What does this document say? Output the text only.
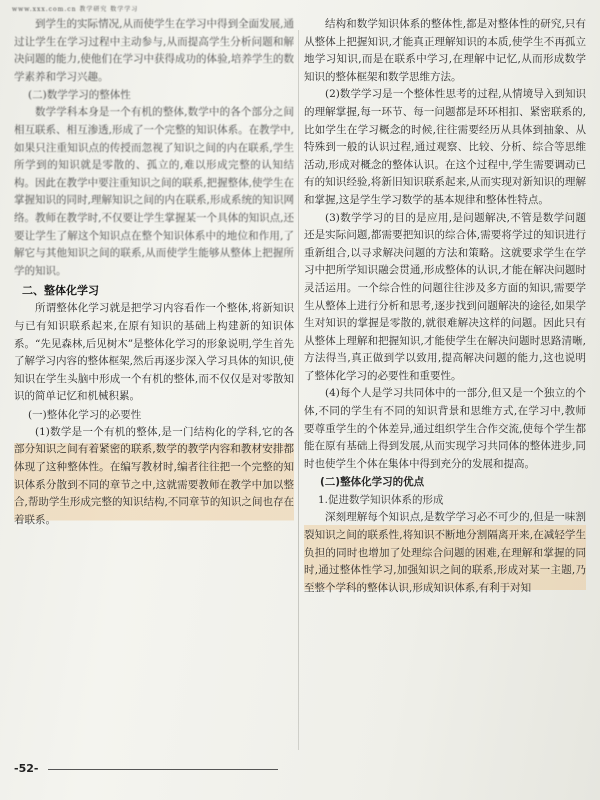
www.xxx.com.cn 教学研究 数学学习

到学生的实际情况,从而使学生在学习中得到全面发展,通过让学生在学习过程中主动参与,从而提高学生分析问题和解决问题的能力,使他们在学习中获得成功的体验,培养学生的数学素养和学习兴趣。

(二)数学学习的整体性

数学学科本身是一个有机的整体,数学中的各个部分之间相互联系、相互渗透,形成了一个完整的知识体系。在教学中,如果只注重知识点的传授而忽视了知识之间的内在联系,学生所学到的知识就是零散的、孤立的,难以形成完整的认知结构。因此在教学中要注重知识之间的联系,把握整体,使学生在掌握知识的同时,理解知识之间的内在联系,形成系统的知识网络。教师在教学时,不仅要让学生掌握某一个具体的知识点,还要让学生了解这个知识点在整个知识体系中的地位和作用,了解它与其他知识之间的联系,从而使学生能够从整体上把握所学的知识。

二、整体化学习

所谓整体化学习就是把学习内容看作一个整体,将新知识与已有知识联系起来,在原有知识的基础上构建新的知识体系。“先见森林,后见树木”是整体化学习的形象说明,学生首先了解学习内容的整体框架,然后再逐步深入学习具体的知识,使知识在学生头脑中形成一个有机的整体,而不仅仅是对零散知识的简单记忆和机械积累。

(一)整体化学习的必要性

(1)数学是一个有机的整体,是一门结构化的学科,它的各部分知识之间有着紧密的联系,数学的教学内容和教材安排都体现了这种整体性。在编写教材时,编者往往把一个完整的知识体系分散到不同的章节之中,这就需要教师在教学中加以整合,帮助学生形成完整的知识结构,不同章节的知识之间也存在着联系。

结构和数学知识体系的整体性,都是对整体性的研究,只有从整体上把握知识,才能真正理解知识的本质,使学生不再孤立地学习知识,而是在联系中学习,在理解中记忆,从而形成数学知识的整体框架和数学思维方法。

(2)数学学习是一个整体性思考的过程,从情境导入到知识的理解掌握,每一环节、每一问题都是环环相扣、紧密联系的,比如学生在学习概念的时候,往往需要经历从具体到抽象、从特殊到一般的认识过程,通过观察、比较、分析、综合等思维活动,形成对概念的整体认识。在这个过程中,学生需要调动已有的知识经验,将新旧知识联系起来,从而实现对新知识的理解和掌握,这是学生学习数学的基本规律和整体性特点。

(3)数学学习的目的是应用,是问题解决,不管是数学问题还是实际问题,都需要把知识的综合体,需要将学过的知识进行重新组合,以寻求解决问题的方法和策略。这就要求学生在学习中把所学知识融会贯通,形成整体的认识,才能在解决问题时灵活运用。一个综合性的问题往往涉及多方面的知识,需要学生从整体上进行分析和思考,逐步找到问题解决的途径,如果学生对知识的掌握是零散的,就很难解决这样的问题。因此只有从整体上理解和把握知识,才能使学生在解决问题时思路清晰,方法得当,真正做到学以致用,提高解决问题的能力,这也说明了整体化学习的必要性和重要性。

(4)每个人是学习共同体中的一部分,但又是一个独立的个体,不同的学生有不同的知识背景和思维方式,在学习中,教师要尊重学生的个体差异,通过组织学生合作交流,使每个学生都能在原有基础上得到发展,从而实现学习共同体的整体进步,同时也使学生个体在集体中得到充分的发展和提高。

(二)整体化学习的优点
1.促进数学知识体系的形成

深刻理解每个知识点,是数学学习必不可少的,但是一味割裂知识之间的联系性,将知识不断地分割隔离开来,在减轻学生负担的同时也增加了处理综合问题的困难,在理解和掌握的同时,通过整体性学习,加强知识之间的联系,形成对某一主题,乃至整个学科的整体认识,形成知识体系,有利于对知

-52-
